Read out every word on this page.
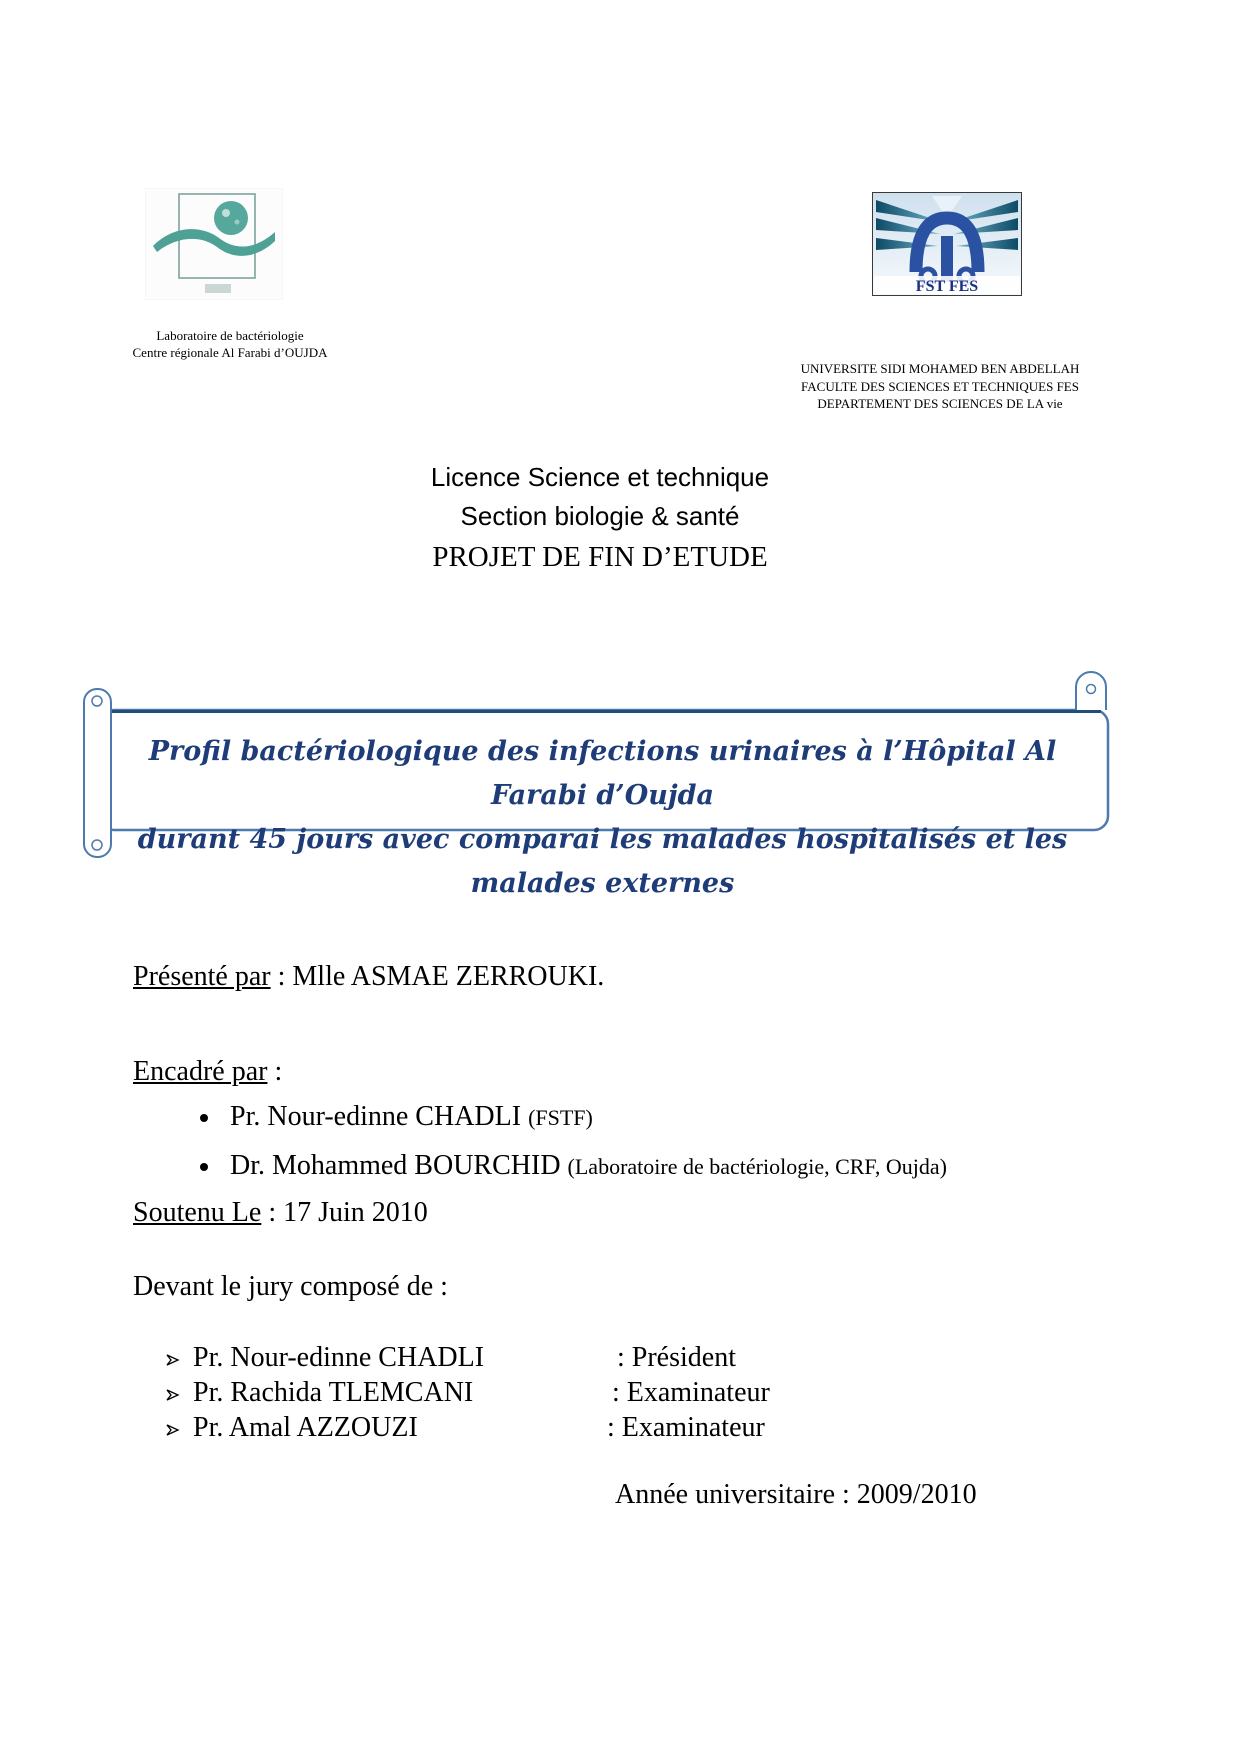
Laboratoire de bactériologie
Centre régionale Al Farabi d’OUJDA
FST FES
UNIVERSITE SIDI MOHAMED BEN ABDELLAH
FACULTE DES SCIENCES ET TECHNIQUES FES
DEPARTEMENT DES SCIENCES DE LA vie
Licence Science et technique
Section biologie & santé
PROJET DE FIN D’ETUDE
Profil bactériologique des infections urinaires à l’Hôpital Al Farabi d’Oujda
durant 45 jours avec comparai les malades hospitalisés et les malades externes
Présenté par : Mlle ASMAE ZERROUKI.
Encadré par :
Pr. Nour-edinne CHADLI (FSTF)
Dr. Mohammed BOURCHID (Laboratoire de bactériologie, CRF, Oujda)
Soutenu Le : 17 Juin 2010
Devant le jury composé de :
Pr. Nour-edinne CHADLI	: Président
Pr. Rachida TLEMCANI	: Examinateur
Pr. Amal AZZOUZI	: Examinateur
Année universitaire : 2009/2010
